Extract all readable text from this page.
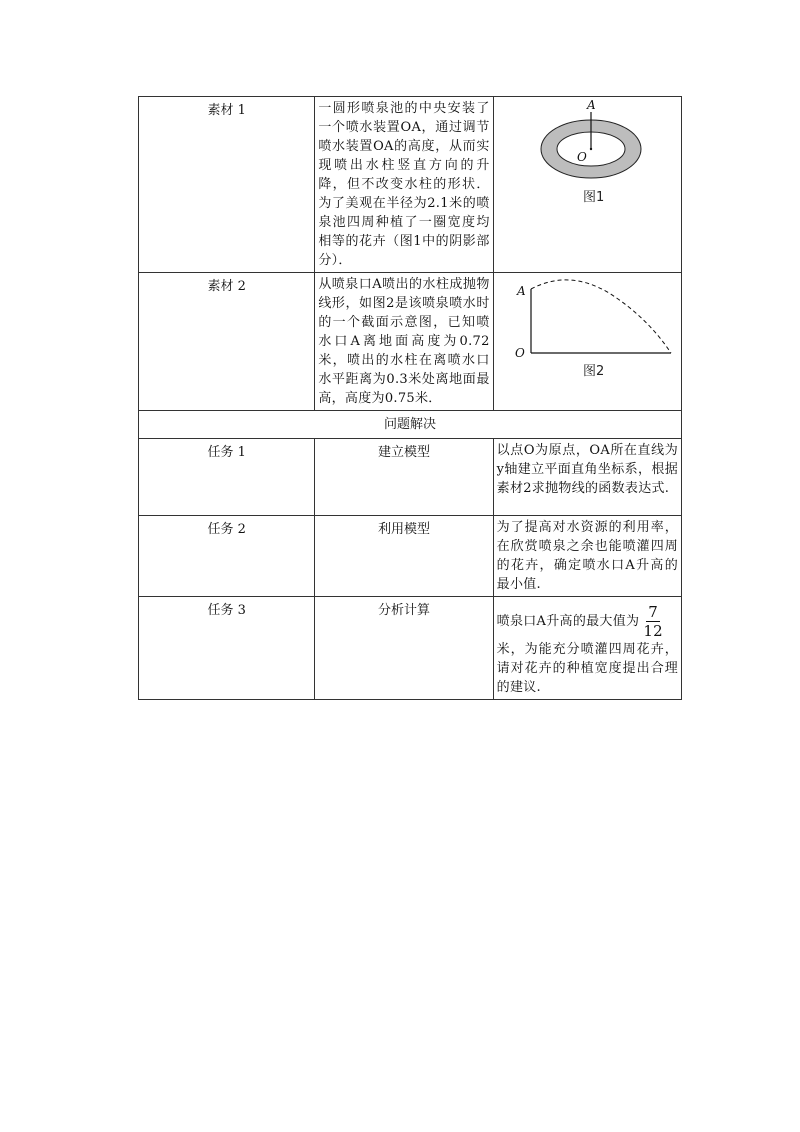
素材 1	一圆形喷泉池的中央安装了一个喷水装置OA，通过调节喷水装置OA的高度，从而实现喷出水柱竖直方向的升降，但不改变水柱的形状．为了美观在半径为2.1米的喷泉池四周种植了一圈宽度均相等的花卉（图1中的阴影部分）．	A
O
图1

素材 2	从喷泉口A喷出的水柱成抛物线形，如图2是该喷泉喷水时的一个截面示意图，已知喷水口A离地面高度为0.72米，喷出的水柱在离喷水口水平距离为0.3米处离地面最高，高度为0.75米．	A
O
图2

问题解决		
任务 1	建立模型	以点O为原点，OA所在直线为y轴建立平面直角坐标系，根据素材2求抛物线的函数表达式.
任务 2	利用模型	为了提高对水资源的利用率，在欣赏喷泉之余也能喷灌四周的花卉，确定喷水口A升高的最小值.
任务 3	分析计算	喷泉口A升高的最大值为 $\frac{7}{12}$

米，为能充分喷灌四周花卉，请对花卉的种植宽度提出合理的建议.
